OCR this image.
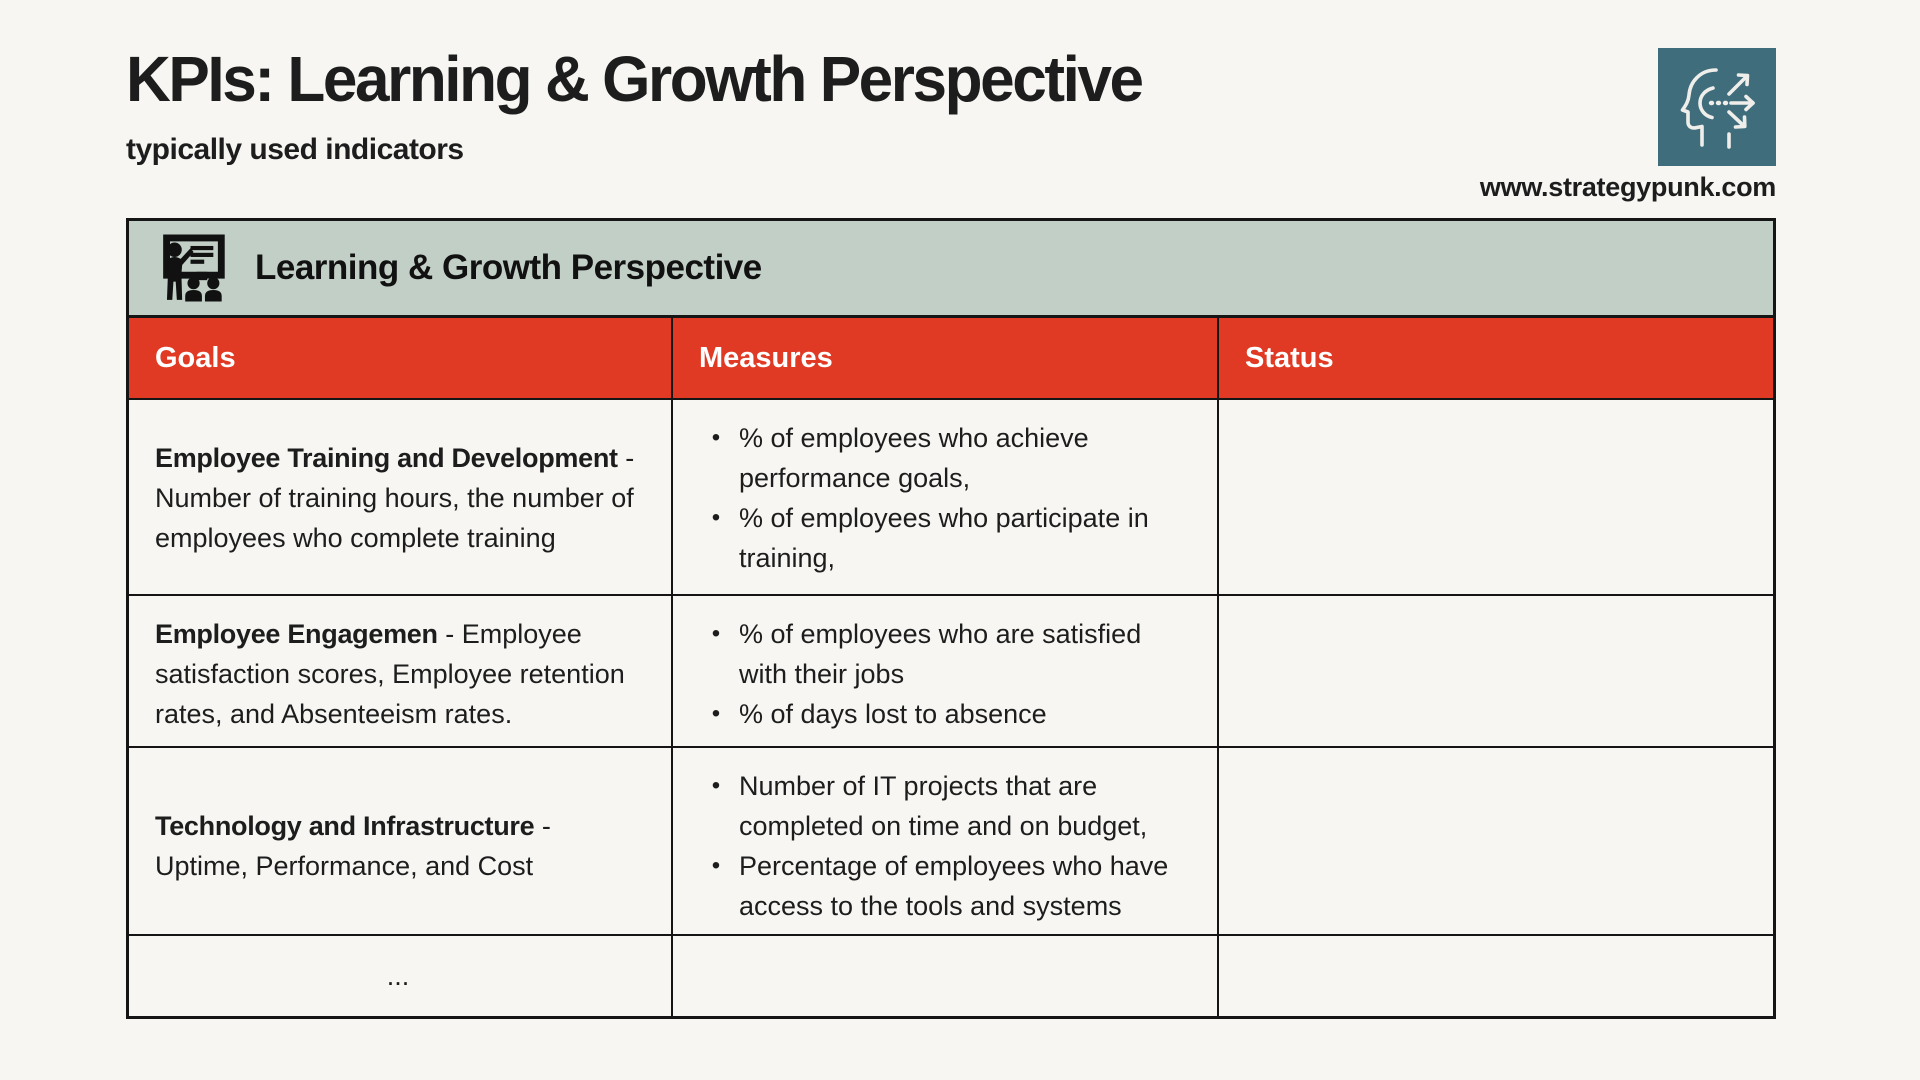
KPIs: Learning & Growth Perspective
typically used indicators
www.strategypunk.com
Learning & Growth Perspective
Goals	Measures	Status
Employee Training and Development - Number of training hours, the number of employees who complete training
• % of employees who achieve performance goals,
• % of employees who participate in training,
Employee Engagemen - Employee satisfaction scores, Employee retention rates, and Absenteeism rates.
• % of employees who are satisfied with their jobs
• % of days lost to absence
Technology and Infrastructure - Uptime, Performance, and Cost
• Number of IT projects that are completed on time and on budget,
• Percentage of employees who have access to the tools and systems
...
